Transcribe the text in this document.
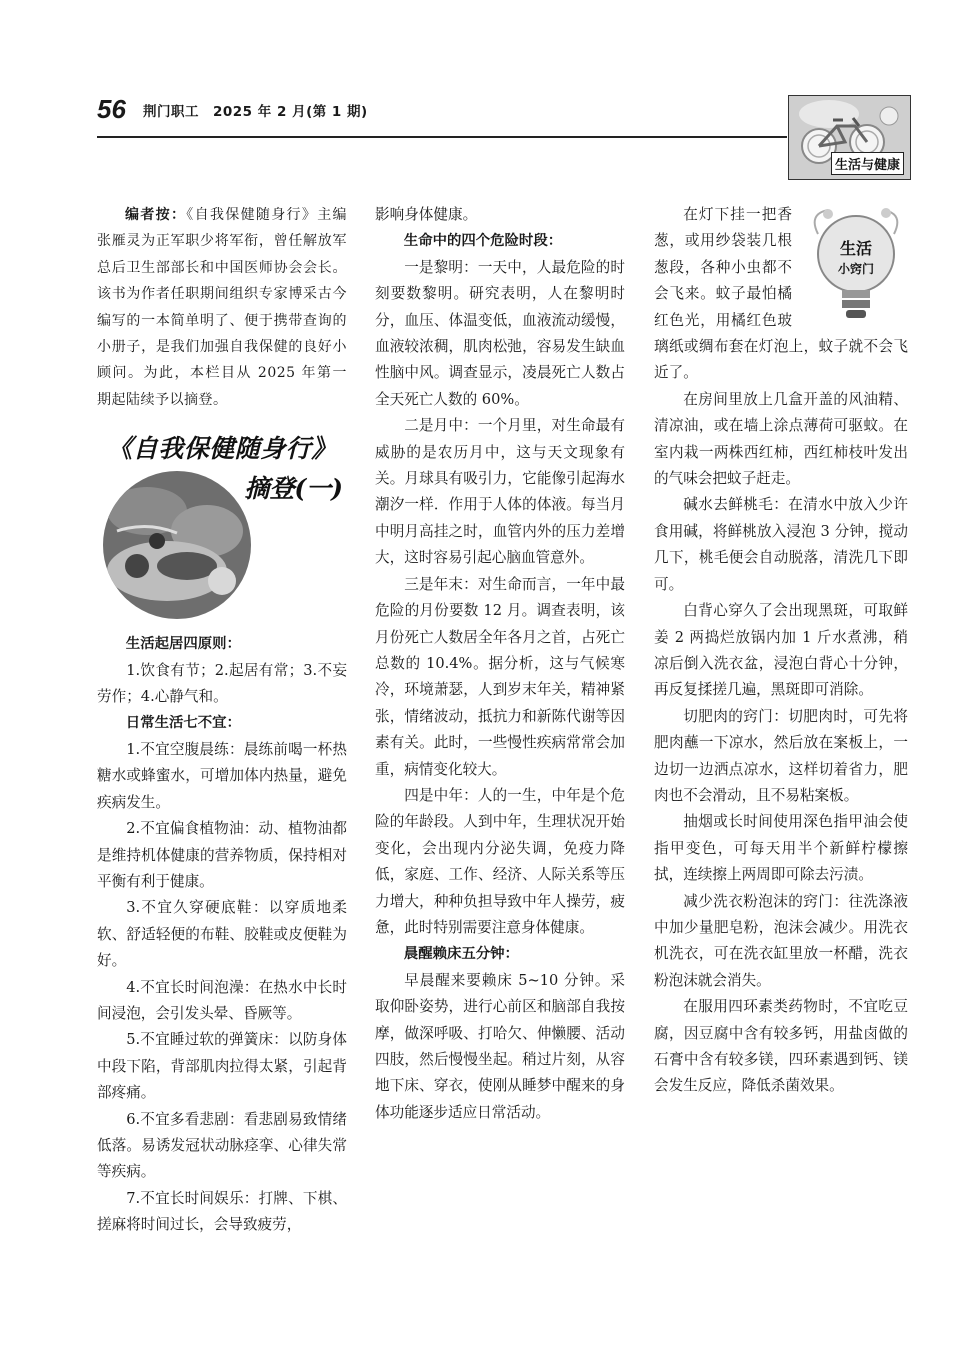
56 荆门职工　2025 年 2 月(第 1 期)
生活与健康

编者按：《自我保健随身行》主编张雁灵为正军职少将军衔，曾任解放军总后卫生部部长和中国医师协会会长。该书为作者任职期间组织专家博采古今编写的一本简单明了、便于携带查询的小册子，是我们加强自我保健的良好小顾问。为此，本栏目从 2025 年第一期起陆续予以摘登。

《自我保健随身行》
摘登(一)
生活起居四原则：

1.饮食有节；2.起居有常；3.不妄劳作；4.心静气和。

日常生活七不宜：

1.不宜空腹晨练：晨练前喝一杯热糖水或蜂蜜水，可增加体内热量，避免疾病发生。

2.不宜偏食植物油：动、植物油都是维持机体健康的营养物质，保持相对平衡有利于健康。

3.不宜久穿硬底鞋：以穿质地柔软、舒适轻便的布鞋、胶鞋或皮便鞋为好。

4.不宜长时间泡澡：在热水中长时间浸泡，会引发头晕、昏厥等。

5.不宜睡过软的弹簧床：以防身体中段下陷，背部肌肉拉得太紧，引起背部疼痛。

6.不宜多看悲剧：看悲剧易致情绪低落。易诱发冠状动脉痉挛、心律失常等疾病。

7.不宜长时间娱乐：打牌、下棋、搓麻将时间过长，会导致疲劳，

影响身体健康。

生命中的四个危险时段：

一是黎明：一天中，人最危险的时刻要数黎明。研究表明，人在黎明时分，血压、体温变低，血液流动缓慢，血液较浓稠，肌肉松弛，容易发生缺血性脑中风。调查显示，凌晨死亡人数占全天死亡人数的 60%。

二是月中：一个月里，对生命最有威胁的是农历月中，这与天文现象有关。月球具有吸引力，它能像引起海水潮汐一样．作用于人体的体液。每当月中明月高挂之时，血管内外的压力差增大，这时容易引起心脑血管意外。

三是年末：对生命而言，一年中最危险的月份要数 12 月。调查表明，该月份死亡人数居全年各月之首，占死亡总数的 10.4%。据分析，这与气候寒冷，环境萧瑟，人到岁末年关，精神紧张，情绪波动，抵抗力和新陈代谢等因素有关。此时，一些慢性疾病常常会加重，病情变化较大。

四是中年：人的一生，中年是个危险的年龄段。人到中年，生理状况开始变化，会出现内分泌失调，免疫力降低，家庭、工作、经济、人际关系等压力增大，种种负担导致中年人操劳，疲惫，此时特别需要注意身体健康。

晨醒赖床五分钟：

早晨醒来要赖床 5~10 分钟。采取仰卧姿势，进行心前区和脑部自我按摩，做深呼吸、打哈欠、伸懒腰、活动四肢，然后慢慢坐起。稍过片刻，从容地下床、穿衣，使刚从睡梦中醒来的身体功能逐步适应日常活动。

生活
小窍门

在灯下挂一把香葱，或用纱袋装几根葱段，各种小虫都不会飞来。蚊子最怕橘红色光，用橘红色玻璃纸或绸布套在灯泡上，蚊子就不会飞近了。

在房间里放上几盒开盖的风油精、清凉油，或在墙上涂点薄荷可驱蚊。在室内栽一两株西红柿，西红柿枝叶发出的气味会把蚊子赶走。

碱水去鲜桃毛：在清水中放入少许食用碱，将鲜桃放入浸泡 3 分钟，搅动几下，桃毛便会自动脱落，清洗几下即可。

白背心穿久了会出现黑斑，可取鲜姜 2 两捣烂放锅内加 1 斤水煮沸，稍凉后倒入洗衣盆，浸泡白背心十分钟，再反复揉搓几遍，黑斑即可消除。

切肥肉的窍门：切肥肉时，可先将肥肉蘸一下凉水，然后放在案板上，一边切一边洒点凉水，这样切着省力，肥肉也不会滑动，且不易粘案板。

抽烟或长时间使用深色指甲油会使指甲变色，可每天用半个新鲜柠檬擦拭，连续擦上两周即可除去污渍。

减少洗衣粉泡沫的窍门：往洗涤液中加少量肥皂粉，泡沫会减少。用洗衣机洗衣，可在洗衣缸里放一杯醋，洗衣粉泡沫就会消失。

在服用四环素类药物时，不宜吃豆腐，因豆腐中含有较多钙，用盐卤做的石膏中含有较多镁，四环素遇到钙、镁会发生反应，降低杀菌效果。
